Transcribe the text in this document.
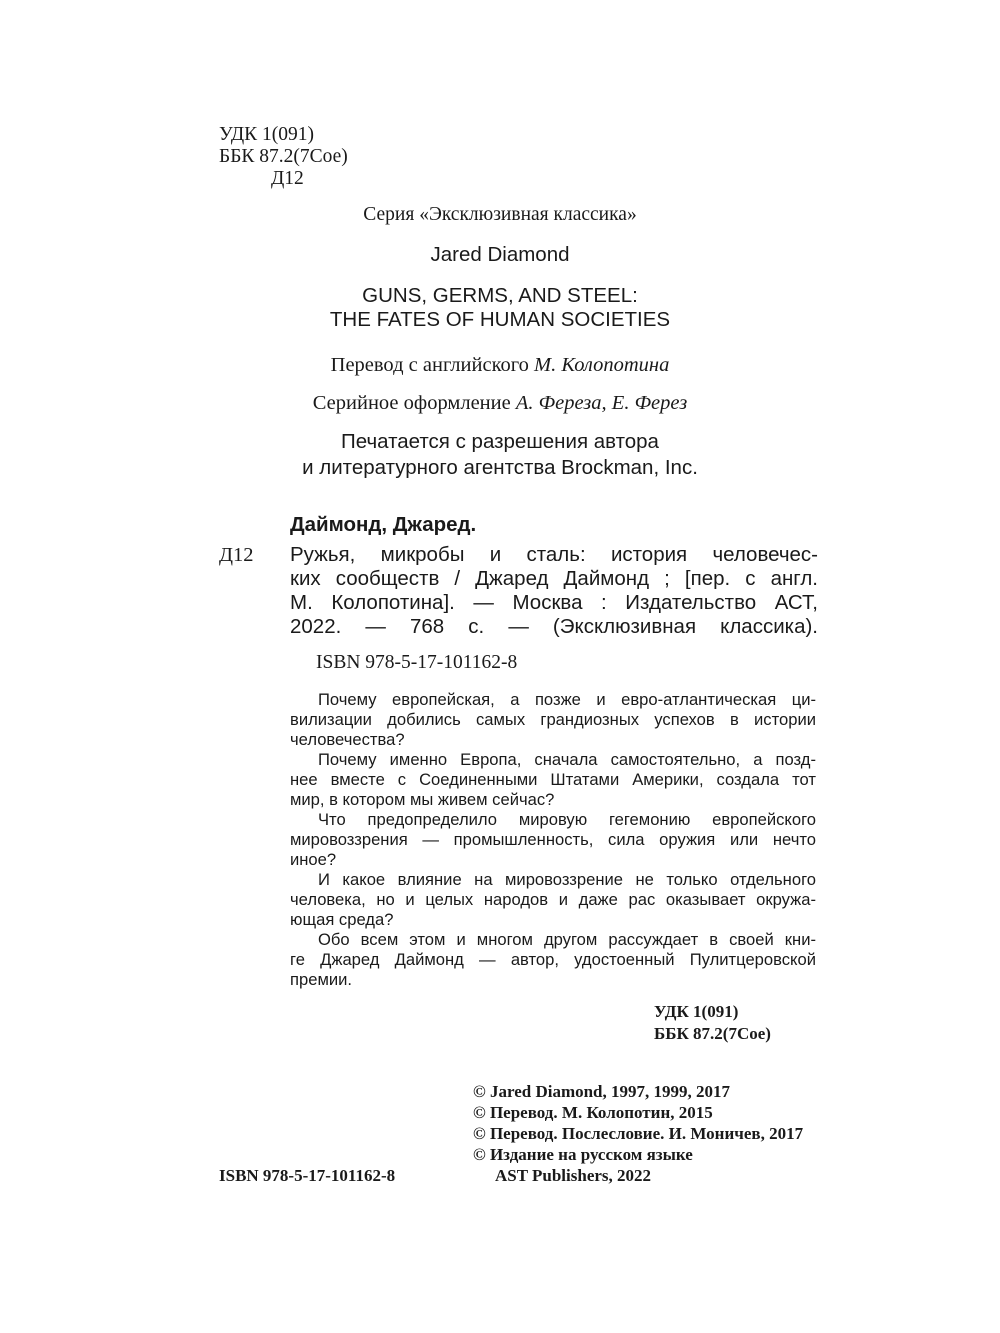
УДК 1(091)
ББК 87.2(7Сое)
Д12
Серия «Эксклюзивная классика»
Jared Diamond
GUNS, GERMS, AND STEEL:
THE FATES OF HUMAN SOCIETIES
Перевод с английского М. Колопотина
Серийное оформление А. Фереза, Е. Ферез
Печатается с разрешения автора
и литературного агентства Brockman, Inc.
Даймонд, Джаред.
Д12 Ружья, микробы и сталь: история человечес-
ких сообществ / Джаред Даймонд ; [пер. с англ.
М. Колопотина]. — Москва : Издательство АСТ,
2022. — 768 с. — (Эксклюзивная классика).
ISBN 978-5-17-101162-8
Почему европейская, а позже и евро-атлантическая ци-
вилизации добились самых грандиозных успехов в истории
человечества?
Почему именно Европа, сначала самостоятельно, а позд-
нее вместе с Соединенными Штатами Америки, создала тот
мир, в котором мы живем сейчас?
Что предопределило мировую гегемонию европейского
мировоззрения — промышленность, сила оружия или нечто
иное?
И какое влияние на мировоззрение не только отдельного
человека, но и целых народов и даже рас оказывает окружа-
ющая среда?
Обо всем этом и многом другом рассуждает в своей кни-
ге Джаред Даймонд — автор, удостоенный Пулитцеровской
премии.
УДК 1(091)
ББК 87.2(7Сое)
© Jared Diamond, 1997, 1999, 2017
© Перевод. М. Колопотин, 2015
© Перевод. Послесловие. И. Моничев, 2017
© Издание на русском языке
AST Publishers, 2022
ISBN 978-5-17-101162-8
